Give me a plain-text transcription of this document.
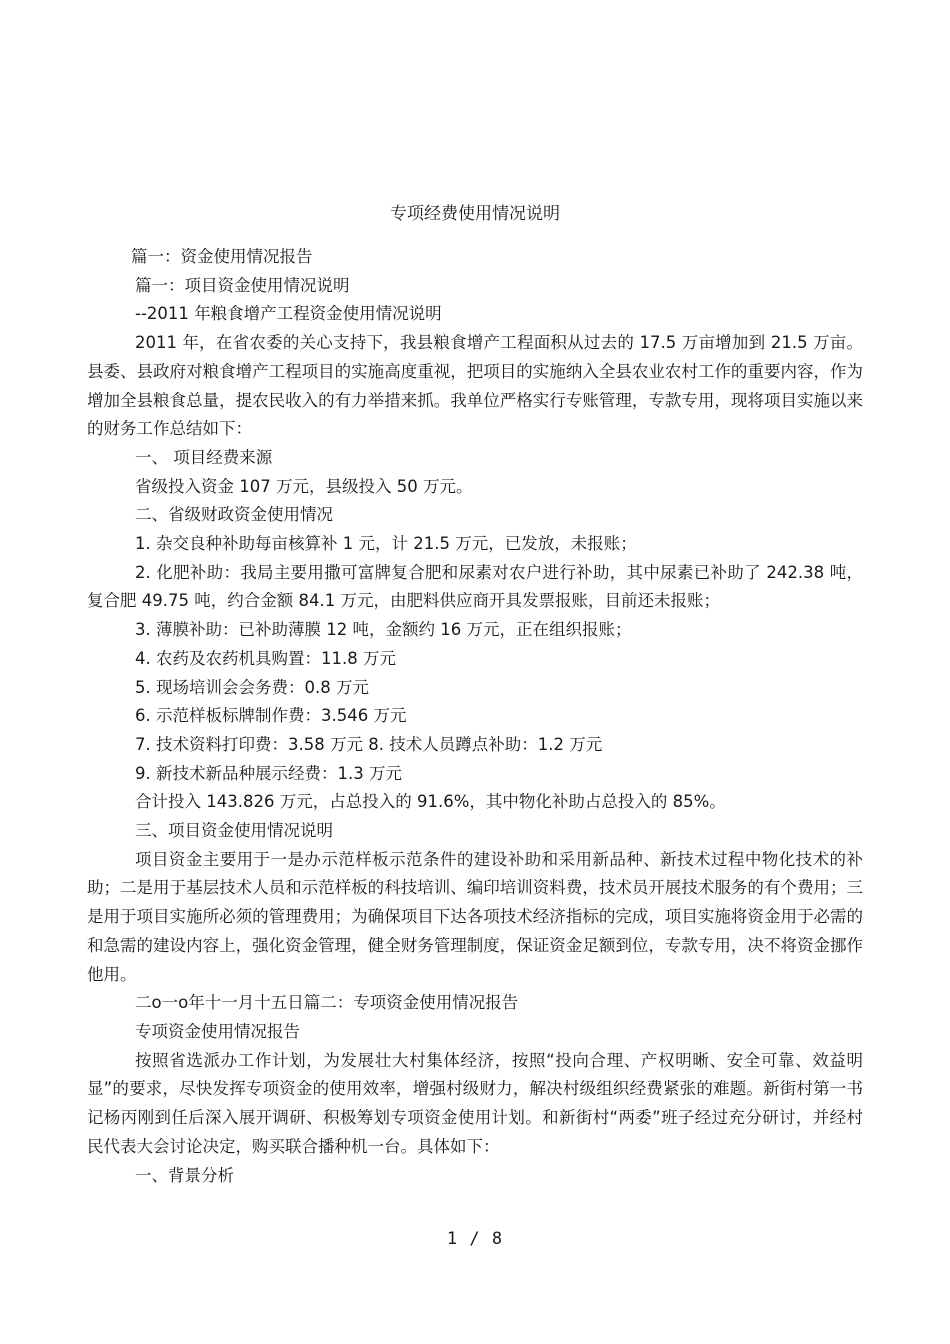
专项经费使用情况说明

篇一：资金使用情况报告

篇一：项目资金使用情况说明

--2011 年粮食增产工程资金使用情况说明

2011 年，在省农委的关心支持下，我县粮食增产工程面积从过去的 17.5 万亩增加到 21.5 万亩。县委、县政府对粮食增产工程项目的实施高度重视，把项目的实施纳入全县农业农村工作的重要内容，作为增加全县粮食总量，提农民收入的有力举措来抓。我单位严格实行专账管理，专款专用，现将项目实施以来的财务工作总结如下：

一、 项目经费来源

省级投入资金 107 万元，县级投入 50 万元。

二、省级财政资金使用情况

1. 杂交良种补助每亩核算补 1 元，计 21.5 万元，已发放，未报账；

2. 化肥补助：我局主要用撒可富牌复合肥和尿素对农户进行补助，其中尿素已补助了 242.38 吨，复合肥 49.75 吨，约合金额 84.1 万元，由肥料供应商开具发票报账，目前还未报账；

3. 薄膜补助：已补助薄膜 12 吨，金额约 16 万元，正在组织报账；

4. 农药及农药机具购置：11.8 万元

5. 现场培训会会务费：0.8 万元

6. 示范样板标牌制作费：3.546 万元

7. 技术资料打印费：3.58 万元 8. 技术人员蹲点补助：1.2 万元

9. 新技术新品种展示经费：1.3 万元

合计投入 143.826 万元，占总投入的 91.6%，其中物化补助占总投入的 85%。

三、项目资金使用情况说明

项目资金主要用于一是办示范样板示范条件的建设补助和采用新品种、新技术过程中物化技术的补助；二是用于基层技术人员和示范样板的科技培训、编印培训资料费，技术员开展技术服务的有个费用；三是用于项目实施所必须的管理费用；为确保项目下达各项技术经济指标的完成，项目实施将资金用于必需的和急需的建设内容上，强化资金管理，健全财务管理制度，保证资金足额到位，专款专用，决不将资金挪作他用。

二o一o年十一月十五日篇二：专项资金使用情况报告

专项资金使用情况报告

按照省选派办工作计划，为发展壮大村集体经济，按照“投向合理、产权明晰、安全可靠、效益明显”的要求，尽快发挥专项资金的使用效率，增强村级财力，解决村级组织经费紧张的难题。新街村第一书记杨丙刚到任后深入展开调研、积极筹划专项资金使用计划。和新街村“两委”班子经过充分研讨，并经村民代表大会讨论决定，购买联合播种机一台。具体如下：

一、背景分析

1 / 8
